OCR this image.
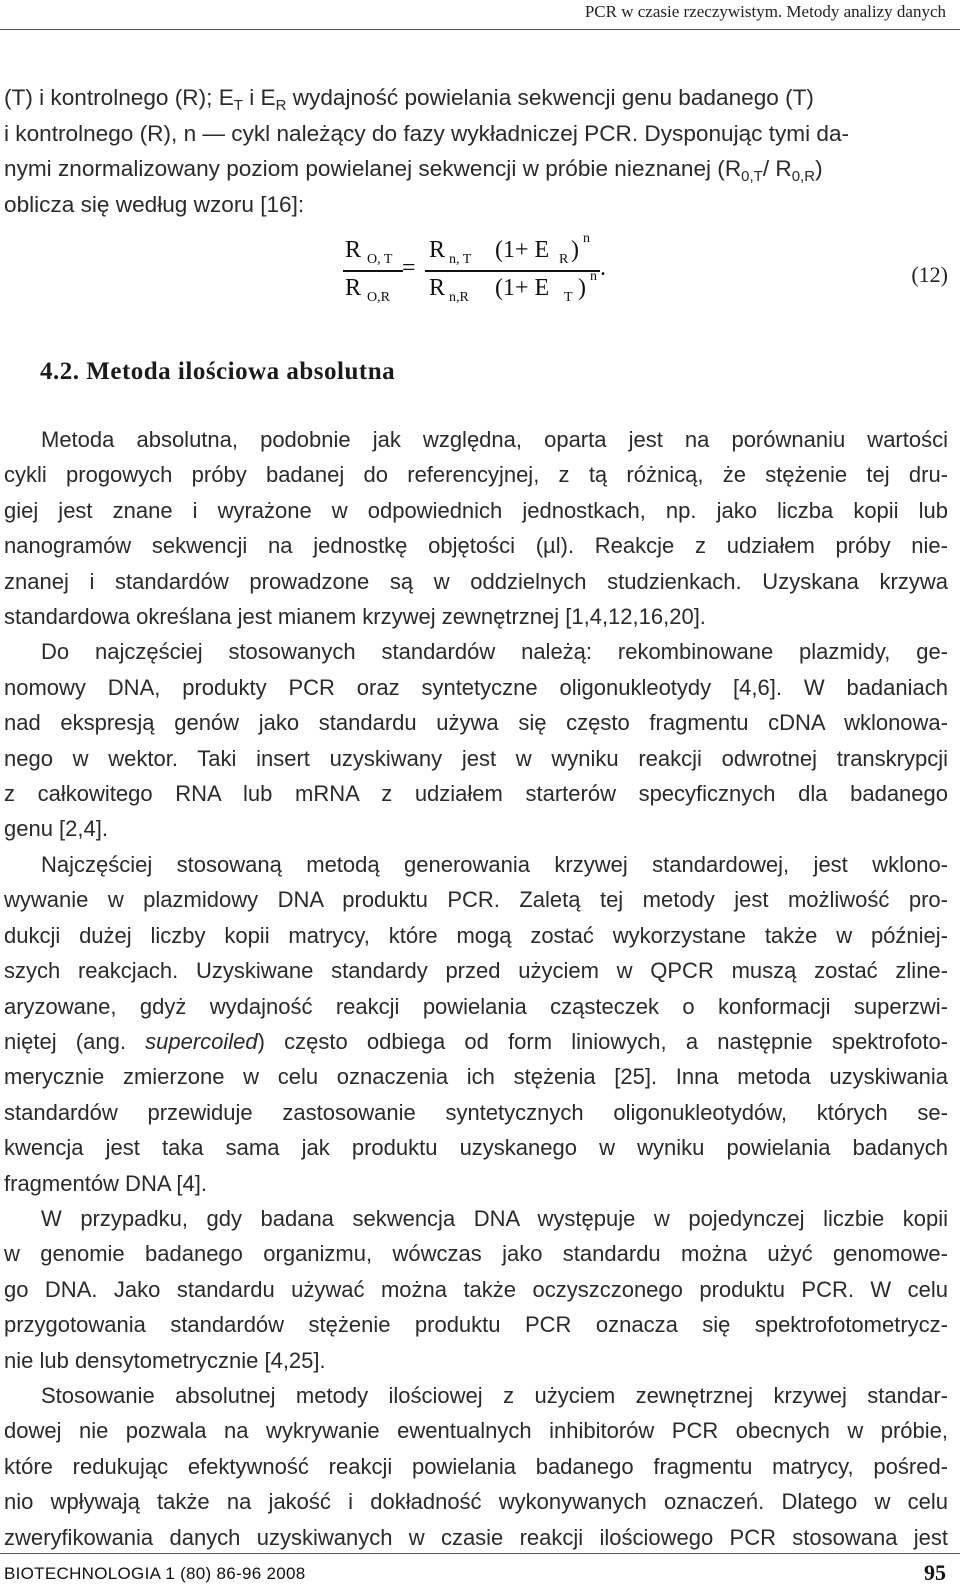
PCR w czasie rzeczywistym. Metody analizy danych
(T) i kontrolnego (R); $E_T$ i $E_R$ wydajność powielania sekwencji genu badanego (T)
i kontrolnego (R), n — cykl należący do fazy wykładniczej PCR. Dysponując tymi da-
nymi znormalizowany poziom powielanej sekwencji w próbie nieznanej ($R_{0,T}/$ $R_{0,R}$)
oblicza się według wzoru [16]:
R O, T
R O,R
=
R n, T (1+ E R ) n
.
R n,R (1+ E T ) n	(12)
4.2. Metoda ilościowa absolutna
Metoda absolutna, podobnie jak względna, oparta jest na porównaniu wartości
cykli progowych próby badanej do referencyjnej, z tą różnicą, że stężenie tej dru-
giej jest znane i wyrażone w odpowiednich jednostkach, np. jako liczba kopii lub
nanogramów sekwencji na jednostkę objętości (µl). Reakcje z udziałem próby nie-
znanej i standardów prowadzone są w oddzielnych studzienkach. Uzyskana krzywa
standardowa określana jest mianem krzywej zewnętrznej [1,4,12,16,20].
Do najczęściej stosowanych standardów należą: rekombinowane plazmidy, ge-
nomowy DNA, produkty PCR oraz syntetyczne oligonukleotydy [4,6]. W badaniach
nad ekspresją genów jako standardu używa się często fragmentu cDNA wklonowa-
nego w wektor. Taki insert uzyskiwany jest w wyniku reakcji odwrotnej transkrypcji
z całkowitego RNA lub mRNA z udziałem starterów specyficznych dla badanego
genu [2,4].
Najczęściej stosowaną metodą generowania krzywej standardowej, jest wklono-
wywanie w plazmidowy DNA produktu PCR. Zaletą tej metody jest możliwość pro-
dukcji dużej liczby kopii matrycy, które mogą zostać wykorzystane także w później-
szych reakcjach. Uzyskiwane standardy przed użyciem w QPCR muszą zostać zline-
aryzowane, gdyż wydajność reakcji powielania cząsteczek o konformacji superzwi-
niętej (ang. supercoiled) często odbiega od form liniowych, a następnie spektrofoto-
merycznie zmierzone w celu oznaczenia ich stężenia [25]. Inna metoda uzyskiwania
standardów przewiduje zastosowanie syntetycznych oligonukleotydów, których se-
kwencja jest taka sama jak produktu uzyskanego w wyniku powielania badanych
fragmentów DNA [4].
W przypadku, gdy badana sekwencja DNA występuje w pojedynczej liczbie kopii
w genomie badanego organizmu, wówczas jako standardu można użyć genomowe-
go DNA. Jako standardu używać można także oczyszczonego produktu PCR. W celu
przygotowania standardów stężenie produktu PCR oznacza się spektrofotometrycz-
nie lub densytometrycznie [4,25].
Stosowanie absolutnej metody ilościowej z użyciem zewnętrznej krzywej standar-
dowej nie pozwala na wykrywanie ewentualnych inhibitorów PCR obecnych w próbie,
które redukując efektywność reakcji powielania badanego fragmentu matrycy, pośred-
nio wpływają także na jakość i dokładność wykonywanych oznaczeń. Dlatego w celu
zweryfikowania danych uzyskiwanych w czasie reakcji ilościowego PCR stosowana jest
BIOTECHNOLOGIA 1 (80) 86-96 2008	95
